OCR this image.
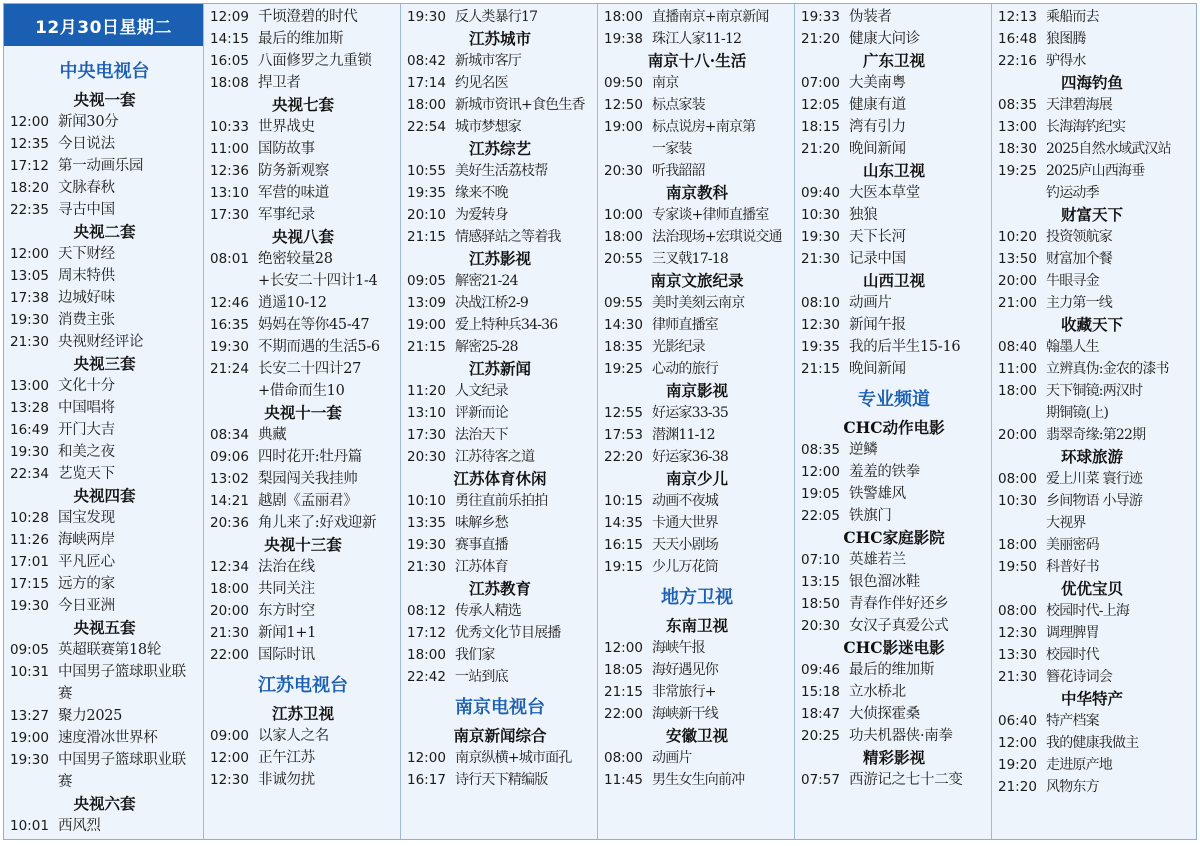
12月30日星期二
中央电视台
央视一套
12:00 新闻30分
12:35 今日说法
17:12 第一动画乐园
18:20 文脉春秋
22:35 寻古中国
央视二套
12:00 天下财经
13:05 周末特供
17:38 边城好味
19:30 消费主张
21:30 央视财经评论
央视三套
13:00 文化十分
13:28 中国唱将
16:49 开门大吉
19:30 和美之夜
22:34 艺览天下
央视四套
10:28 国宝发现
11:26 海峡两岸
17:01 平凡匠心
17:15 远方的家
19:30 今日亚洲
央视五套
09:05 英超联赛第18轮
10:31 中国男子篮球职业联赛
13:27 聚力2025
19:00 速度滑冰世界杯
19:30 中国男子篮球职业联赛
央视六套
10:01 西风烈
12:09 千顷澄碧的时代
14:15 最后的维加斯
16:05 八面修罗之九重锁
18:08 捍卫者
央视七套
10:33 世界战史
11:00 国防故事
12:36 防务新观察
13:10 军营的味道
17:30 军事纪录
央视八套
08:01 绝密较量28
+长安二十四计1-4
12:46 逍遥10-12
16:35 妈妈在等你45-47
19:30 不期而遇的生活5-6
21:24 长安二十四计27
+借命而生10
央视十一套
08:34 典藏
09:06 四时花开:牡丹篇
13:02 梨园闯关我挂帅
14:21 越剧《孟丽君》
20:36 角儿来了:好戏迎新
央视十三套
12:34 法治在线
18:00 共同关注
20:00 东方时空
21:30 新闻1+1
22:00 国际时讯
江苏电视台
江苏卫视
09:00 以家人之名
12:00 正午江苏
12:30 非诚勿扰
19:30 反人类暴行17
江苏城市
08:42 新城市客厅
17:14 约见名医
18:00 新城市资讯+食色生香
22:54 城市梦想家
江苏综艺
10:55 美好生活荔枝帮
19:35 缘来不晚
20:10 为爱转身
21:15 情感驿站之等着我
江苏影视
09:05 解密21-24
13:09 决战江桥2-9
19:00 爱上特种兵34-36
21:15 解密25-28
江苏新闻
11:20 人文纪录
13:10 评新而论
17:30 法治天下
20:30 江苏待客之道
江苏体育休闲
10:10 勇往直前乐拍拍
13:35 味解乡愁
19:30 赛事直播
21:30 江苏体育
江苏教育
08:12 传承人精选
17:12 优秀文化节目展播
18:00 我们家
22:42 一站到底
南京电视台
南京新闻综合
12:00 南京纵横+城市面孔
16:17 诗行天下精编版
18:00 直播南京+南京新闻
19:38 珠江人家11-12
南京十八·生活
09:50 南京
12:50 标点家装
19:00 标点说房+南京第
一家装
20:30 听我韶韶
南京教科
10:00 专家谈+律师直播室
18:00 法治现场+宏琪说交通
20:55 三叉戟17-18
南京文旅纪录
09:55 美时美刻云南京
14:30 律师直播室
18:35 光影纪录
19:25 心动的旅行
南京影视
12:55 好运家33-35
17:53 潜渊11-12
22:20 好运家36-38
南京少儿
10:15 动画不夜城
14:35 卡通大世界
16:15 天天小剧场
19:15 少儿万花筒
地方卫视
东南卫视
12:00 海峡午报
18:05 海好遇见你
21:15 非常旅行+
22:00 海峡新干线
安徽卫视
08:00 动画片
11:45 男生女生向前冲
19:33 伪装者
21:20 健康大问诊
广东卫视
07:00 大美南粤
12:05 健康有道
18:15 湾有引力
21:20 晚间新闻
山东卫视
09:40 大医本草堂
10:30 独狼
19:30 天下长河
21:30 记录中国
山西卫视
08:10 动画片
12:30 新闻午报
19:35 我的后半生15-16
21:15 晚间新闻
专业频道
CHC动作电影
08:35 逆鳞
12:00 羞羞的铁拳
19:05 铁警雄风
22:05 铁旗门
CHC家庭影院
07:10 英雄若兰
13:15 银色溜冰鞋
18:50 青春作伴好还乡
20:30 女汉子真爱公式
CHC影迷电影
09:46 最后的维加斯
15:18 立水桥北
18:47 大侦探霍桑
20:25 功夫机器侠·南拳
精彩影视
07:57 西游记之七十二变
12:13 乘船而去
16:48 狼图腾
22:16 驴得水
四海钓鱼
08:35 天津碧海展
13:00 长海海钓纪实
18:30 2025自然水域武汉站
19:25 2025庐山西海垂
钓运动季
财富天下
10:20 投资领航家
13:50 财富加个餐
20:00 牛眼寻金
21:00 主力第一线
收藏天下
08:40 翰墨人生
11:00 立辨真伪:金农的漆书
18:00 天下铜镜:两汉时
期铜镜(上)
20:00 翡翠奇缘:第22期
环球旅游
08:00 爱上川菜 寰行迹
10:30 乡间物语 小导游
大视界
18:00 美丽密码
19:50 科普好书
优优宝贝
08:00 校园时代-上海
12:30 调理脾胃
13:30 校园时代
21:30 簪花诗词会
中华特产
06:40 特产档案
12:00 我的健康我做主
19:20 走进原产地
21:20 风物东方
